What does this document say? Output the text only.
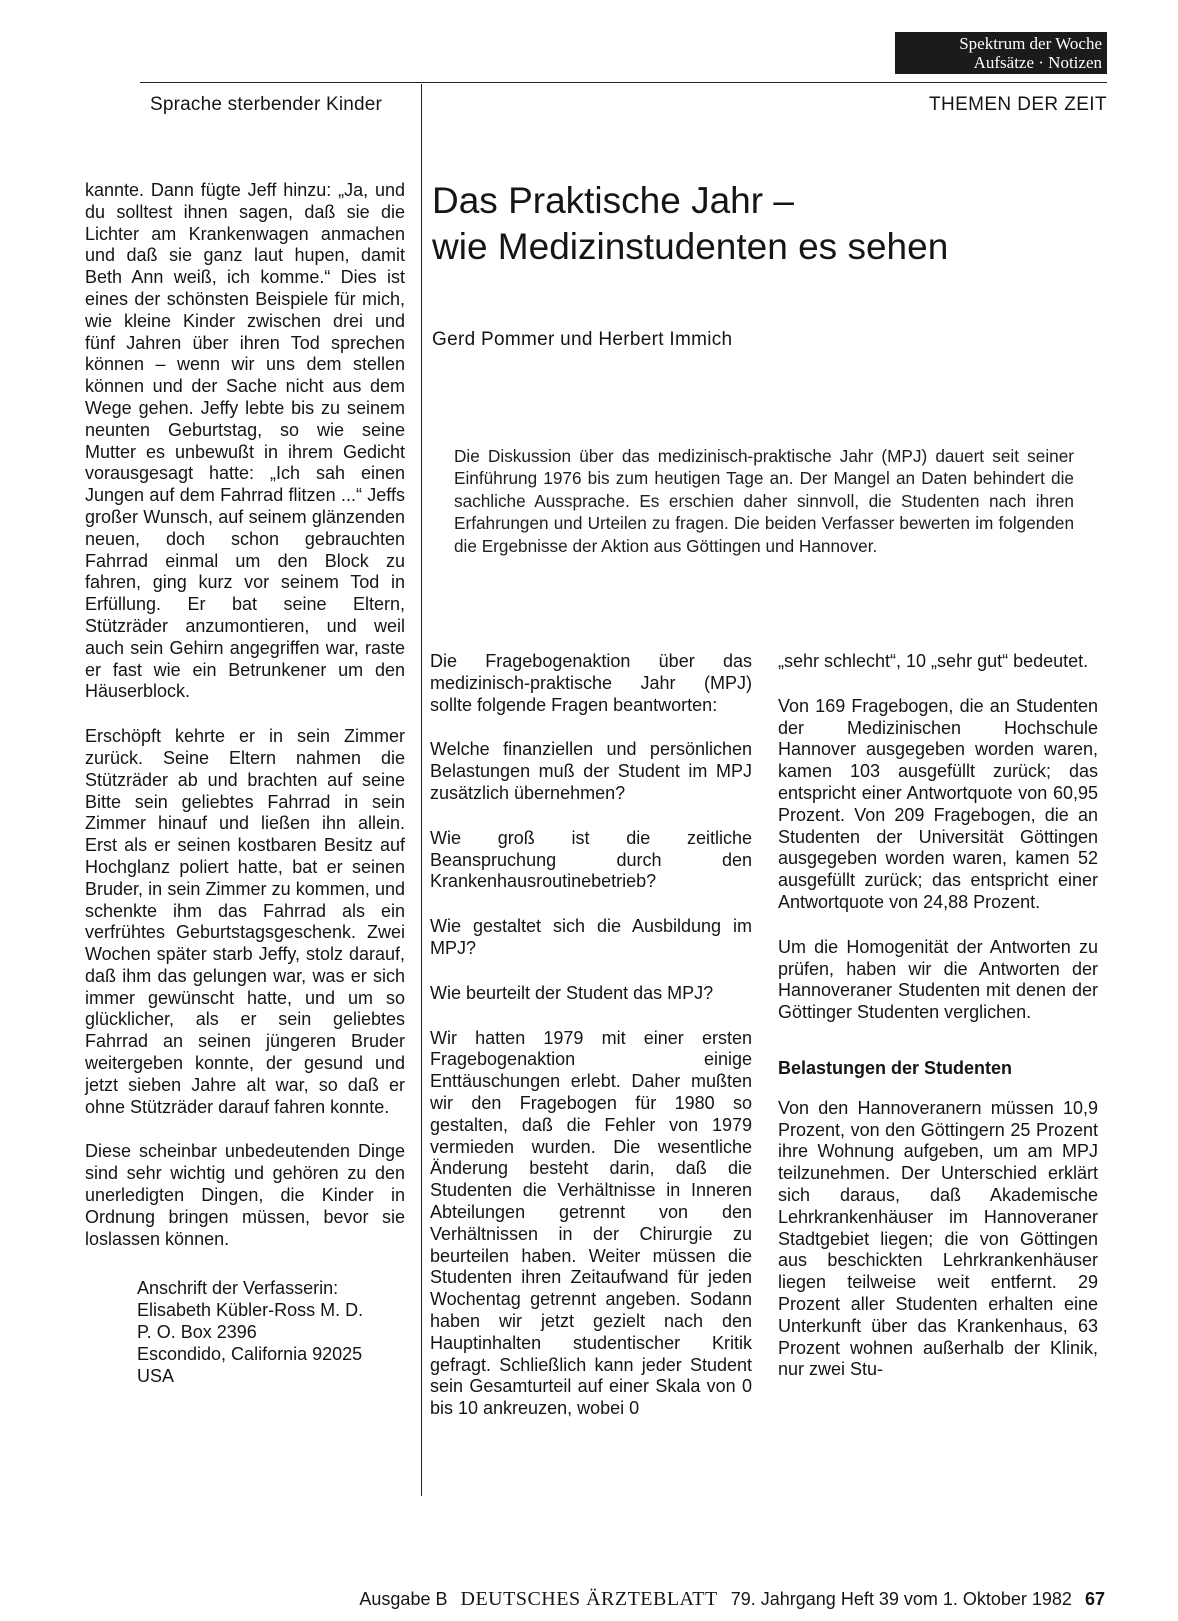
Spektrum der Woche
Aufsätze · Notizen
Sprache sterbender Kinder	THEMEN DER ZEIT

kannte. Dann fügte Jeff hinzu: „Ja, und du solltest ihnen sagen, daß sie die Lichter am Krankenwagen anmachen und daß sie ganz laut hupen, damit Beth Ann weiß, ich komme.“ Dies ist eines der schönsten Beispiele für mich, wie kleine Kinder zwischen drei und fünf Jahren über ihren Tod sprechen können – wenn wir uns dem stellen können und der Sache nicht aus dem Wege gehen. Jeffy lebte bis zu seinem neunten Geburtstag, so wie seine Mutter es unbewußt in ihrem Gedicht vorausgesagt hatte: „Ich sah einen Jungen auf dem Fahrrad flitzen ...“ Jeffs großer Wunsch, auf seinem glänzenden neuen, doch schon gebrauchten Fahrrad einmal um den Block zu fahren, ging kurz vor seinem Tod in Erfüllung. Er bat seine Eltern, Stützräder anzumontieren, und weil auch sein Gehirn angegriffen war, raste er fast wie ein Betrunkener um den Häuserblock.

Erschöpft kehrte er in sein Zimmer zurück. Seine Eltern nahmen die Stützräder ab und brachten auf seine Bitte sein geliebtes Fahrrad in sein Zimmer hinauf und ließen ihn allein. Erst als er seinen kostbaren Besitz auf Hochglanz poliert hatte, bat er seinen Bruder, in sein Zimmer zu kommen, und schenkte ihm das Fahrrad als ein verfrühtes Geburtstagsgeschenk. Zwei Wochen später starb Jeffy, stolz darauf, daß ihm das gelungen war, was er sich immer gewünscht hatte, und um so glücklicher, als er sein geliebtes Fahrrad an seinen jüngeren Bruder weitergeben konnte, der gesund und jetzt sieben Jahre alt war, so daß er ohne Stützräder darauf fahren konnte.

Diese scheinbar unbedeutenden Dinge sind sehr wichtig und gehören zu den unerledigten Dingen, die Kinder in Ordnung bringen müssen, bevor sie loslassen können.

Anschrift der Verfasserin:
Elisabeth Kübler-Ross M. D.
P. O. Box 2396
Escondido, California 92025
USA
Das Praktische Jahr –
wie Medizinstudenten es sehen
Gerd Pommer und Herbert Immich
Die Diskussion über das medizinisch-praktische Jahr (MPJ) dauert seit seiner Einführung 1976 bis zum heutigen Tage an. Der Mangel an Daten behindert die sachliche Aussprache. Es erschien daher sinnvoll, die Studenten nach ihren Erfahrungen und Urteilen zu fragen. Die beiden Verfasser bewerten im folgenden die Ergebnisse der Aktion aus Göttingen und Hannover.

Die Fragebogenaktion über das medizinisch-praktische Jahr (MPJ) sollte folgende Fragen beantworten:

Welche finanziellen und persönlichen Belastungen muß der Student im MPJ zusätzlich übernehmen?

Wie groß ist die zeitliche Beanspruchung durch den Krankenhausroutinebetrieb?

Wie gestaltet sich die Ausbildung im MPJ?

Wie beurteilt der Student das MPJ?

Wir hatten 1979 mit einer ersten Fragebogenaktion einige Enttäuschungen erlebt. Daher mußten wir den Fragebogen für 1980 so gestalten, daß die Fehler von 1979 vermieden wurden. Die wesentliche Änderung besteht darin, daß die Studenten die Verhältnisse in Inneren Abteilungen getrennt von den Verhältnissen in der Chirurgie zu beurteilen haben. Weiter müssen die Studenten ihren Zeitaufwand für jeden Wochentag getrennt angeben. Sodann haben wir jetzt gezielt nach den Hauptinhalten studentischer Kritik gefragt. Schließlich kann jeder Student sein Gesamturteil auf einer Skala von 0 bis 10 ankreuzen, wobei 0

„sehr schlecht“, 10 „sehr gut“ bedeutet.

Von 169 Fragebogen, die an Studenten der Medizinischen Hochschule Hannover ausgegeben worden waren, kamen 103 ausgefüllt zurück; das entspricht einer Antwortquote von 60,95 Prozent. Von 209 Fragebogen, die an Studenten der Universität Göttingen ausgegeben worden waren, kamen 52 ausgefüllt zurück; das entspricht einer Antwortquote von 24,88 Prozent.

Um die Homogenität der Antworten zu prüfen, haben wir die Antworten der Hannoveraner Studenten mit denen der Göttinger Studenten verglichen.

Belastungen der Studenten

Von den Hannoveranern müssen 10,9 Prozent, von den Göttingern 25 Prozent ihre Wohnung aufgeben, um am MPJ teilzunehmen. Der Unterschied erklärt sich daraus, daß Akademische Lehrkrankenhäuser im Hannoveraner Stadtgebiet liegen; die von Göttingen aus beschickten Lehrkrankenhäuser liegen teilweise weit entfernt. 29 Prozent aller Studenten erhalten eine Unterkunft über das Krankenhaus, 63 Prozent wohnen außerhalb der Klinik, nur zwei Stu-

Ausgabe B DEUTSCHES ÄRZTEBLATT 79. Jahrgang Heft 39 vom 1. Oktober 1982 67
